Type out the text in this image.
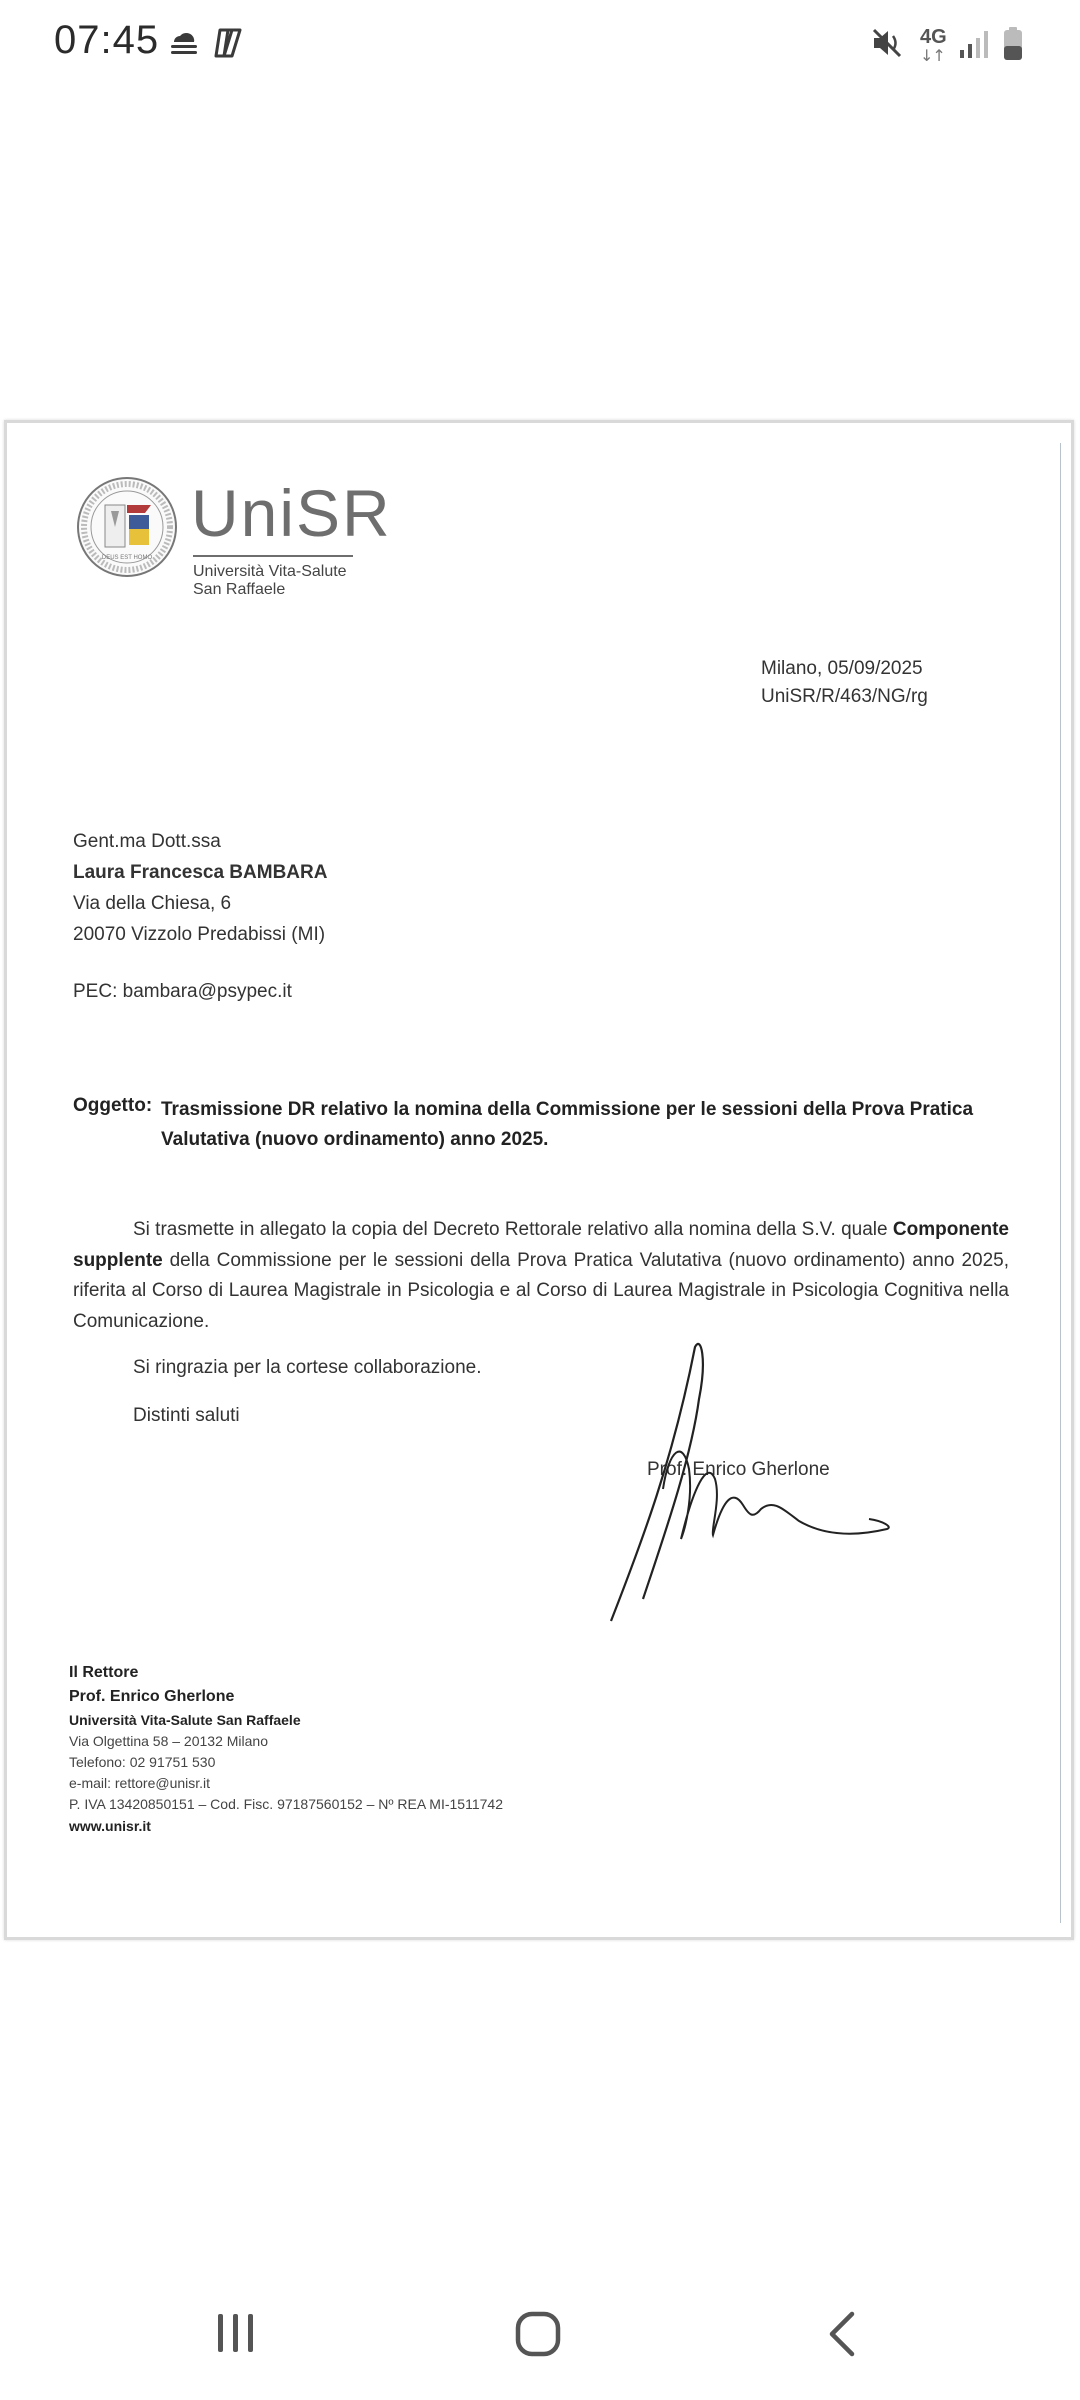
07:45	4G
↓↑
DEUS EST HOMO
UniSR
Università Vita-Salute
San Raffaele
Milano, 05/09/2025
UniSR/R/463/NG/rg
Gent.ma Dott.ssa
Laura Francesca BAMBARA
Via della Chiesa, 6
20070 Vizzolo Predabissi (MI)
PEC: bambara@psypec.it
Oggetto: Trasmissione DR relativo la nomina della Commissione per le sessioni della Prova Pratica Valutativa (nuovo ordinamento) anno 2025.
Si trasmette in allegato la copia del Decreto Rettorale relativo alla nomina della S.V. quale Componente supplente della Commissione per le sessioni della Prova Pratica Valutativa (nuovo ordinamento) anno 2025, riferita al Corso di Laurea Magistrale in Psicologia e al Corso di Laurea Magistrale in Psicologia Cognitiva nella Comunicazione.
Si ringrazia per la cortese collaborazione.
Distinti saluti
Prof. Enrico Gherlone
Il Rettore
Prof. Enrico Gherlone
Università Vita-Salute San Raffaele
Via Olgettina 58 – 20132 Milano
Telefono: 02 91751 530
e-mail: rettore@unisr.it
P. IVA 13420850151 – Cod. Fisc. 97187560152 – Nº REA MI-1511742
www.unisr.it
